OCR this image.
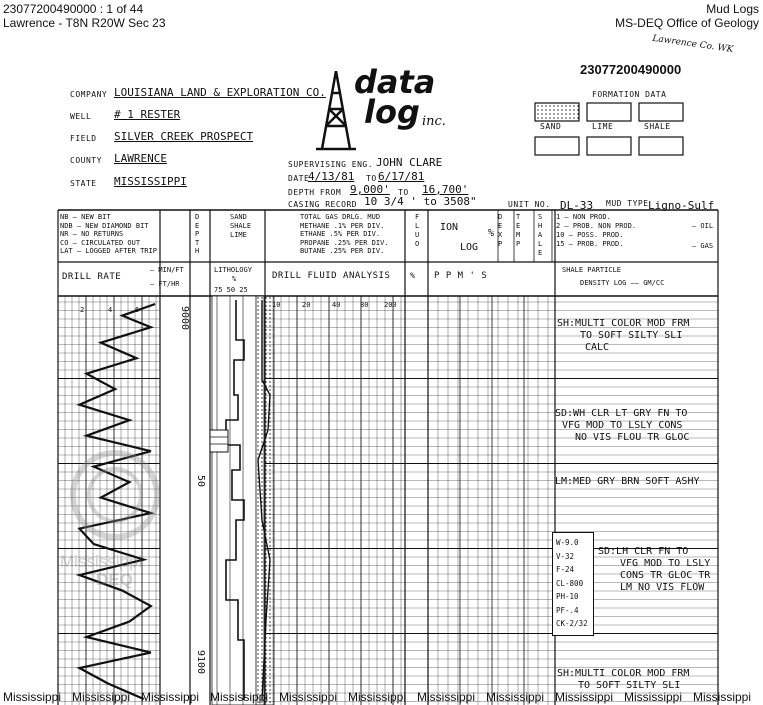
23077200490000 : 1 of 44
Lawrence - T8N R20W Sec 23
Mud Logs
MS-DEQ Office of Geology
Lawrence Co. WK
23077200490000
COMPANY LOUISIANA LAND & EXPLORATION CO.
WELL # 1 RESTER
FIELD SILVER CREEK PROSPECT
COUNTY LAWRENCE
STATE MISSISSIPPI
data
log inc.
SUPERVISING ENG. JOHN CLARE
DATE
4/13/81 TO 6/17/81
DEPTH FROM 9,000' TO 16,700'
CASING RECORD 10 3/4 ' to 3508"	UNIT NO. DL-33 MUD TYPE Ligno-Sulf
FORMATION DATA
SAND	LIME	SHALE
NB — NEW BIT
NDB — NEW DIAMOND BIT
NR — NO RETURNS
CO — CIRCULATED OUT
LAT — LOGGED AFTER TRIP
D
E
P
T
H
SAND
SHALE
LIME
TOTAL GAS DRLG. MUD
METHANE .1% PER DIV.
ETHANE .5% PER DIV.
PROPANE .25% PER DIV.
BUTANE .25% PER DIV.
F
L
U
O
ION
LOG
%
D
E
X
P
T
E
M
P
S
H
A
L
E
1 — NON PROD.
2 — PROB. NON PROD.
10 — POSS. PROD.
15 — PROB. PROD.
— OIL
— GAS
DRILL RATE
— MIN/FT
— FT/HR
LITHOLOGY
%
75 50 25
DRILL FLUID ANALYSIS % P P M ' S
SHALE PARTICLE
DENSITY LOG —— GM/CC
2	4	6
10	20	40	80 200
9000
50
9100
SH:MULTI COLOR MOD FRM
TO SOFT SILTY SLI
CALC
SD:WH CLR LT GRY FN TO
VFG MOD TO LSLY CONS
NO VIS FLOU TR GLOC
LM:MED GRY BRN SOFT ASHY
SD:LH CLR FN TO
VFG MOD TO LSLY
CONS TR GLOC TR
LM NO VIS FLOW
SH:MULTI COLOR MOD FRM
TO SOFT SILTY SLI
W-9.0
V-32
F-24
CL-800
PH-10
PF-.4
CK-2/32
Mississippi
DEQ
Mississippi Mississippi Mississippi Mississippi Mississippi Mississippi Mississippi Mississippi Mississippi Mississippi Mississippi
